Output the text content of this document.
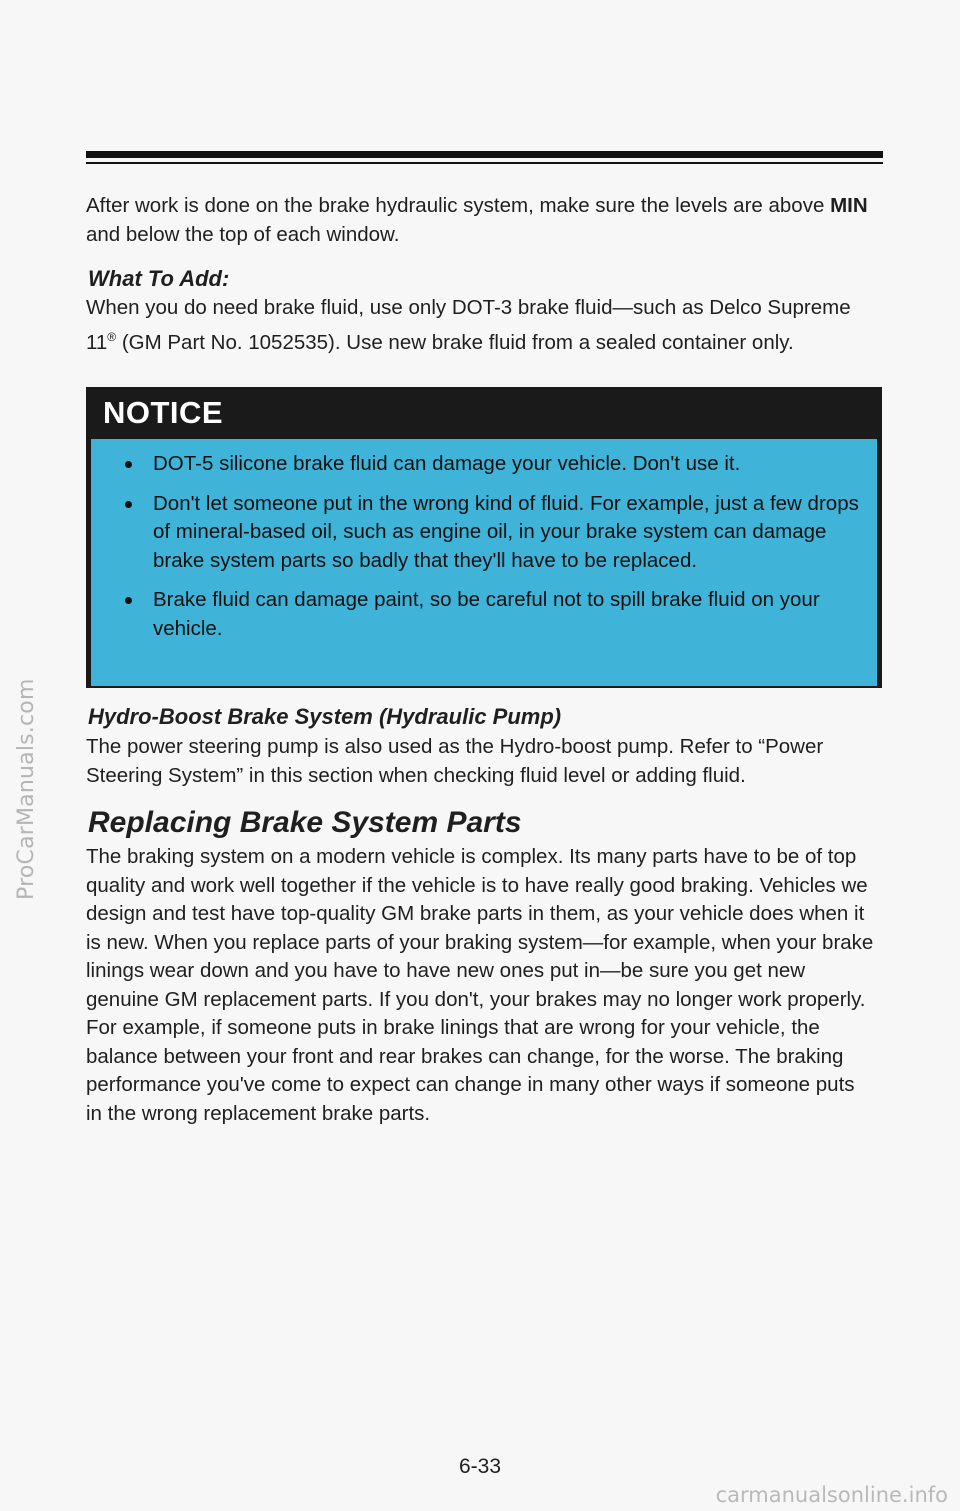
ProCarManuals.com

After work is done on the brake hydraulic system, make sure the levels are above MIN and below the top of each window.

What To Add:

When you do need brake fluid, use only DOT-3 brake fluid—such as Delco Supreme 11® (GM Part No. 1052535). Use new brake fluid from a sealed container only.

NOTICE
DOT-5 silicone brake fluid can damage your vehicle. Don't use it.
Don't let someone put in the wrong kind of fluid. For example, just a few drops of mineral-based oil, such as engine oil, in your brake system can damage brake system parts so badly that they'll have to be replaced.
Brake fluid can damage paint, so be careful not to spill brake fluid on your vehicle.
Hydro-Boost Brake System (Hydraulic Pump)

The power steering pump is also used as the Hydro-boost pump. Refer to “Power Steering System” in this section when checking fluid level or adding fluid.

Replacing Brake System Parts

The braking system on a modern vehicle is complex. Its many parts have to be of top quality and work well together if the vehicle is to have really good braking. Vehicles we design and test have top-quality GM brake parts in them, as your vehicle does when it is new. When you replace parts of your braking system—for example, when your brake linings wear down and you have to have new ones put in—be sure you get new genuine GM replacement parts. If you don't, your brakes may no longer work properly. For example, if someone puts in brake linings that are wrong for your vehicle, the balance between your front and rear brakes can change, for the worse. The braking performance you've come to expect can change in many other ways if someone puts in the wrong replacement brake parts.

6-33
carmanualsonline.info
